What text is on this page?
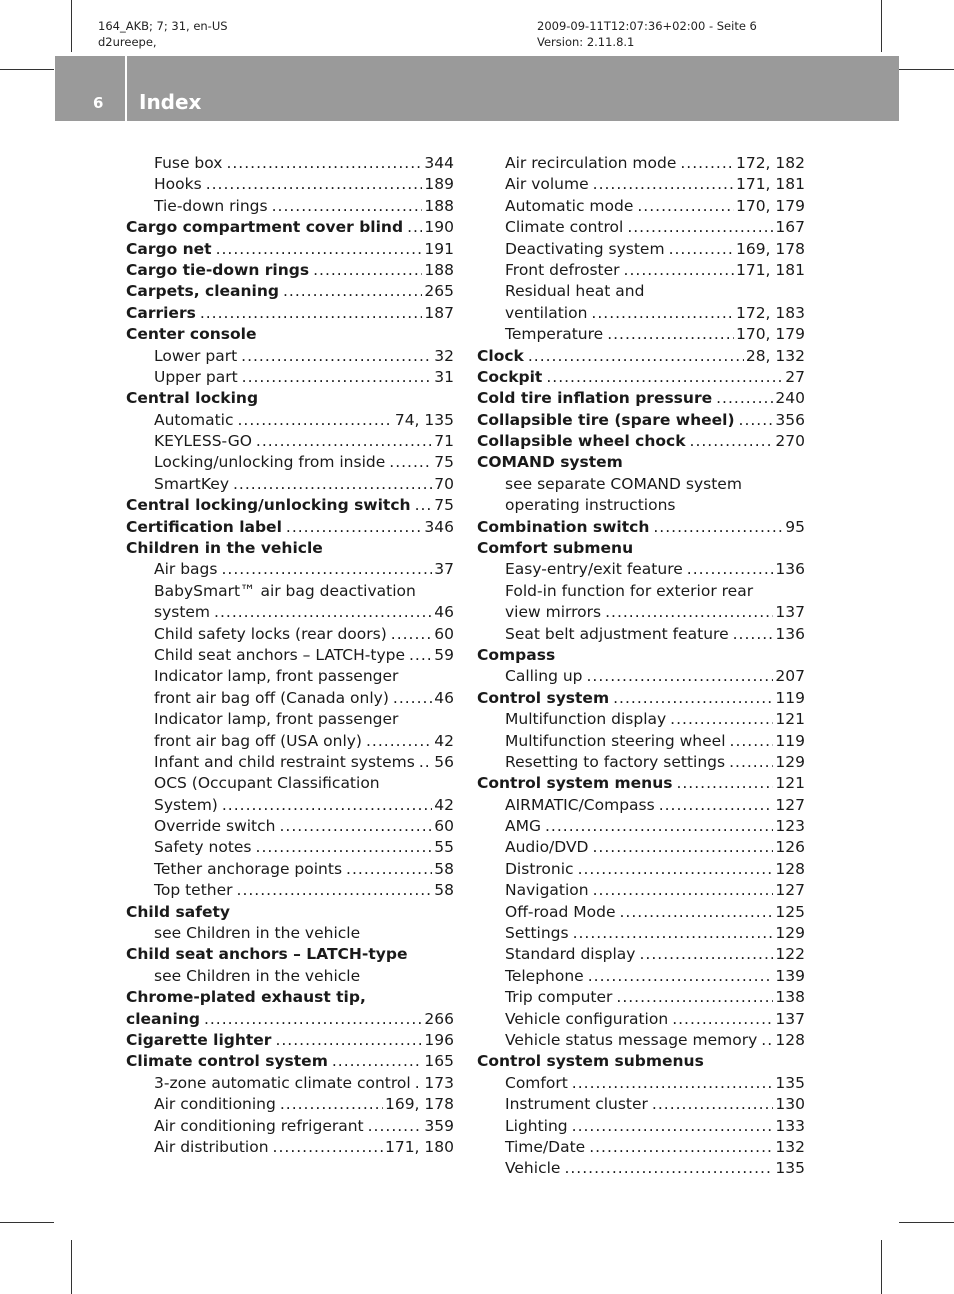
164_AKB; 7; 31, en-US
d2ureepe,
2009-09-11T12:07:36+02:00 - Seite 6
Version: 2.11.8.1
6 Index
Fuse box .....	344
Hooks .....	189
Tie-down rings .....	188
Cargo compartment cover blind ..... 190
Cargo net .....	191
Cargo tie-down rings .....	188
Carpets, cleaning .....	265
Carriers .....	187
Center console
Lower part .....	32
Upper part .....	31
Central locking
Automatic .....	74, 135
KEYLESS-GO .....	71
Locking/unlocking from inside .....	75
SmartKey .....	70
Central locking/unlocking switch ..... 75
Certification label .....	346
Children in the vehicle
Air bags .....	37
BabySmart™ air bag deactivation
system .....	46
Child safety locks (rear doors) .....	60
Child seat anchors – LATCH-type ..... 59
Indicator lamp, front passenger
front air bag off (Canada only) .....	46
Indicator lamp, front passenger
front air bag off (USA only) .....	42
Infant and child restraint systems ..... 56
OCS (Occupant Classification
System) .....	42
Override switch .....	60
Safety notes .....	55
Tether anchorage points .....	58
Top tether .....	58
Child safety
see Children in the vehicle
Child seat anchors – LATCH-type
see Children in the vehicle
Chrome-plated exhaust tip,
cleaning .....	266
Cigarette lighter .....	196
Climate control system .....	165
3-zone automatic climate control ..... 173
Air conditioning .....	169, 178
Air conditioning refrigerant .....	359
Air distribution .....	171, 180
Air recirculation mode .....	172, 182
Air volume .....	171, 181
Automatic mode .....	170, 179
Climate control .....	167
Deactivating system .....	169, 178
Front defroster .....	171, 181
Residual heat and
ventilation .....	172, 183
Temperature .....	170, 179
Clock .....	28, 132
Cockpit .....	27
Cold tire inflation pressure .....	240
Collapsible tire (spare wheel) .....	356
Collapsible wheel chock .....	270
COMAND system
see separate COMAND system
operating instructions
Combination switch .....	95
Comfort submenu
Easy-entry/exit feature .....	136
Fold-in function for exterior rear
view mirrors .....	137
Seat belt adjustment feature .....	136
Compass
Calling up .....	207
Control system .....	119
Multifunction display .....	121
Multifunction steering wheel .....	119
Resetting to factory settings .....	129
Control system menus .....	121
AIRMATIC/Compass .....	127
AMG .....	123
Audio/DVD .....	126
Distronic .....	128
Navigation .....	127
Off-road Mode .....	125
Settings .....	129
Standard display .....	122
Telephone .....	139
Trip computer .....	138
Vehicle configuration .....	137
Vehicle status message memory ..... 128
Control system submenus
Comfort .....	135
Instrument cluster .....	130
Lighting .....	133
Time/Date .....	132
Vehicle .....	135
